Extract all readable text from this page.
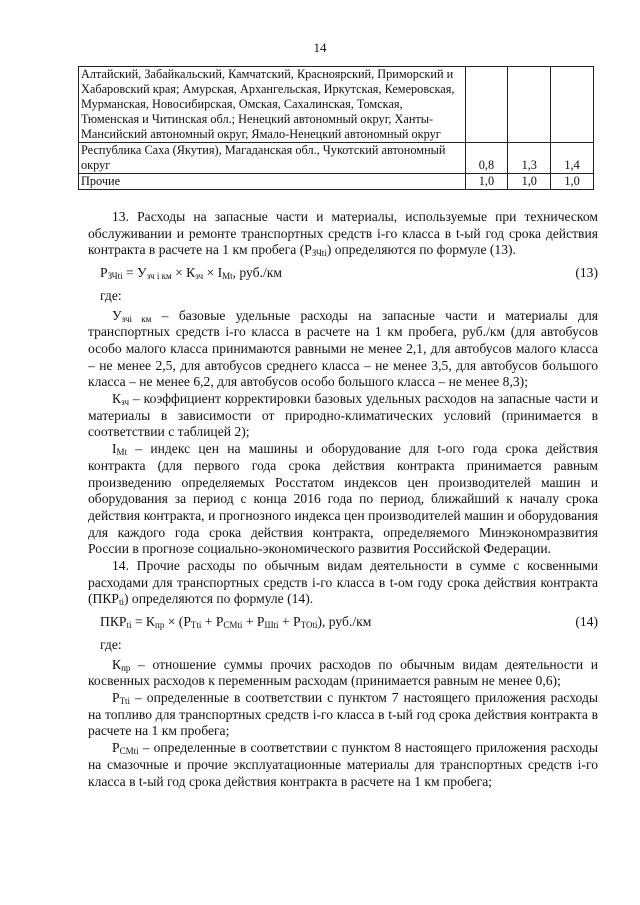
14
Алтайский, Забайкальский, Камчатский, Красноярский, Приморский и Хабаровский края; Амурская, Архангельская, Иркутская, Кемеровская, Мурманская, Новосибирская, Омская, Сахалинская, Томская, Тюменская и Читинская обл.; Ненецкий автономный округ, Ханты-Мансийский автономный округ, Ямало-Ненецкий автономный округ			
Республика Саха (Якутия), Магаданская обл., Чукотский автономный округ	0,8	1,3	1,4
Прочие	1,0	1,0	1,0

13. Расходы на запасные части и материалы, используемые при техническом обслуживании и ремонте транспортных средств i-го класса в t-ый год срока действия контракта в расчете на 1 км пробега $(Р_{ЗЧti})$ определяются по формуле (13).

$Р_{ЗЧti} = У_{зч i км} \times К_{зч} \times I_{Мt}$, руб./км	(13)
где:

$У_{зчi км}$ – базовые удельные расходы на запасные части и материалы для транспортных средств i-го класса в расчете на 1 км пробега, руб./км (для автобусов особо малого класса принимаются равными не менее 2,1, для автобусов малого класса – не менее 2,5, для автобусов среднего класса – не менее 3,5, для автобусов большого класса – не менее 6,2, для автобусов особо большого класса – не менее 8,3);

$К_{зч}$ – коэффициент корректировки базовых удельных расходов на запасные части и материалы в зависимости от природно-климатических условий (принимается в соответствии с таблицей 2);

$I_{Мt}$ – индекс цен на машины и оборудование для t-ого года срока действия контракта (для первого года срока действия контракта принимается равным произведению определяемых Росстатом индексов цен производителей машин и оборудования за период с конца 2016 года по период, ближайший к началу срока действия контракта, и прогнозного индекса цен производителей машин и оборудования для каждого года срока действия контракта, определяемого Минэкономразвития России в прогнозе социально-экономического развития Российской Федерации.

14. Прочие расходы по обычным видам деятельности в сумме с косвенными расходами для транспортных средств i-го класса в t-ом году срока действия контракта $(ПКР_{ti})$ определяются по формуле (14).

$ПКР_{ti} = К_{пр} \times (Р_{Тti} + Р_{СМti} + Р_{Шti} + Р_{ТОti})$, руб./км	(14)
где:

$К_{пр}$ – отношение суммы прочих расходов по обычным видам деятельности и косвенных расходов к переменным расходам (принимается равным не менее 0,6);

$Р_{Тti}$ – определенные в соответствии с пунктом 7 настоящего приложения расходы на топливо для транспортных средств i-го класса в t-ый год срока действия контракта в расчете на 1 км пробега;

$Р_{СМti}$ – определенные в соответствии с пунктом 8 настоящего приложения расходы на смазочные и прочие эксплуатационные материалы для транспортных средств i-го класса в t-ый год срока действия контракта в расчете на 1 км пробега;
